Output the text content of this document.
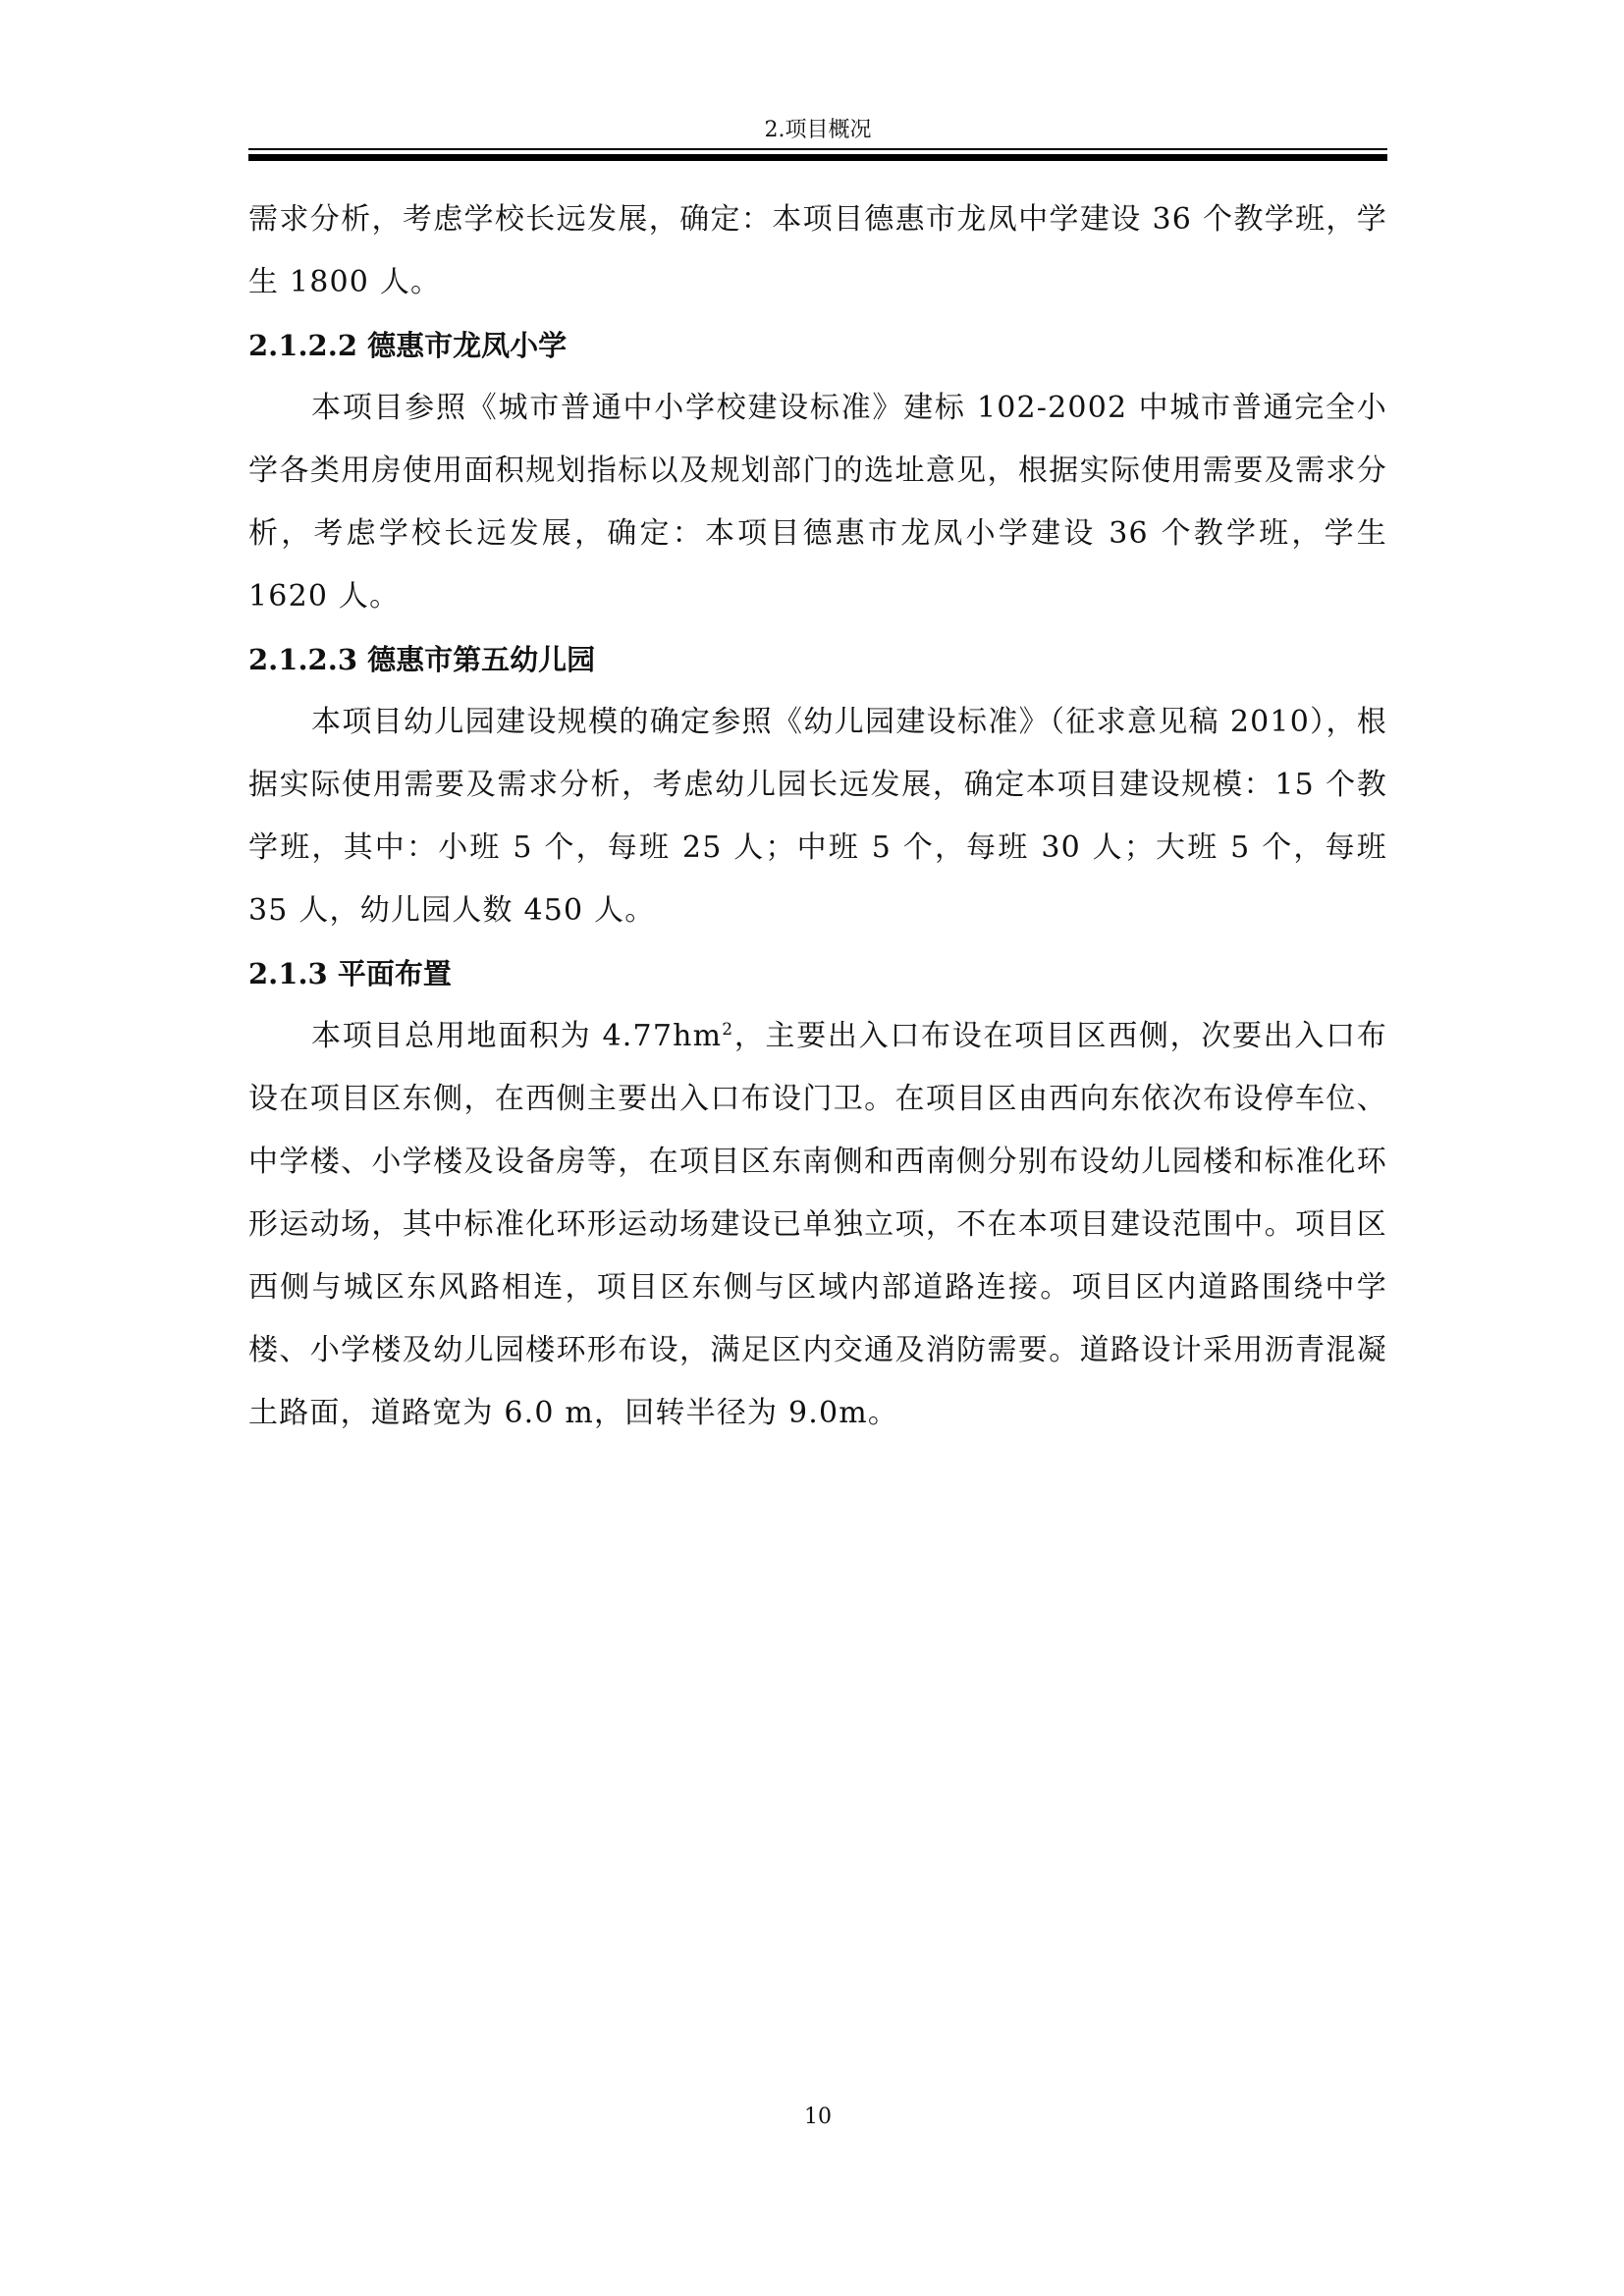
2.项目概况

需求分析，考虑学校长远发展，确定：本项目德惠市龙凤中学建设 36 个教学班，学生 1800 人。

2.1.2.2 德惠市龙凤小学

本项目参照《城市普通中小学校建设标准》建标 102-2002 中城市普通完全小学各类用房使用面积规划指标以及规划部门的选址意见，根据实际使用需要及需求分析，考虑学校长远发展，确定：本项目德惠市龙凤小学建设 36 个教学班，学生 1620 人。

2.1.2.3 德惠市第五幼儿园

本项目幼儿园建设规模的确定参照《幼儿园建设标准》（征求意见稿 2010），根据实际使用需要及需求分析，考虑幼儿园长远发展，确定本项目建设规模：15 个教学班，其中：小班 5 个，每班 25 人；中班 5 个，每班 30 人；大班 5 个，每班 35 人，幼儿园人数 450 人。

2.1.3 平面布置

本项目总用地面积为 $4.77hm^2$，主要出入口布设在项目区西侧，次要出入口布设在项目区东侧，在西侧主要出入口布设门卫。在项目区由西向东依次布设停车位、中学楼、小学楼及设备房等，在项目区东南侧和西南侧分别布设幼儿园楼和标准化环形运动场，其中标准化环形运动场建设已单独立项，不在本项目建设范围中。项目区西侧与城区东风路相连，项目区东侧与区域内部道路连接。项目区内道路围绕中学楼、小学楼及幼儿园楼环形布设，满足区内交通及消防需要。道路设计采用沥青混凝土路面，道路宽为 6.0 m，回转半径为 9.0m。

10
